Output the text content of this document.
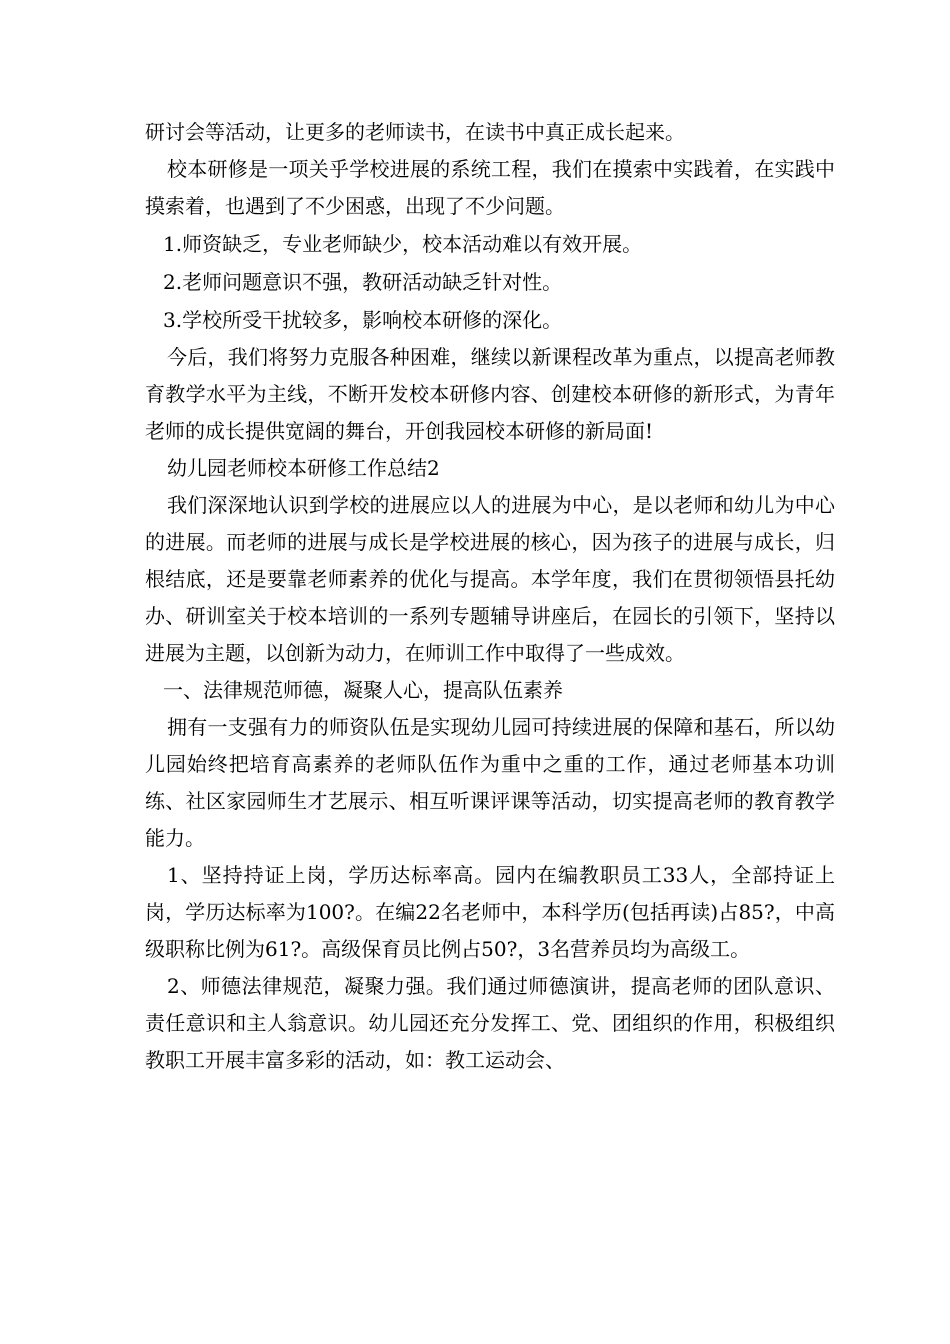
研讨会等活动，让更多的老师读书，在读书中真正成长起来。

校本研修是一项关乎学校进展的系统工程，我们在摸索中实践着，在实践中摸索着，也遇到了不少困惑，出现了不少问题。

1.师资缺乏，专业老师缺少，校本活动难以有效开展。

2.老师问题意识不强，教研活动缺乏针对性。

3.学校所受干扰较多，影响校本研修的深化。

今后，我们将努力克服各种困难，继续以新课程改革为重点，以提高老师教育教学水平为主线，不断开发校本研修内容、创建校本研修的新形式，为青年老师的成长提供宽阔的舞台，开创我园校本研修的新局面!

幼儿园老师校本研修工作总结2

我们深深地认识到学校的进展应以人的进展为中心，是以老师和幼儿为中心的进展。而老师的进展与成长是学校进展的核心，因为孩子的进展与成长，归根结底，还是要靠老师素养的优化与提高。本学年度，我们在贯彻领悟县托幼办、研训室关于校本培训的一系列专题辅导讲座后，在园长的引领下，坚持以进展为主题，以创新为动力，在师训工作中取得了一些成效。

一、法律规范师德，凝聚人心，提高队伍素养

拥有一支强有力的师资队伍是实现幼儿园可持续进展的保障和基石，所以幼儿园始终把培育高素养的老师队伍作为重中之重的工作，通过老师基本功训练、社区家园师生才艺展示、相互听课评课等活动，切实提高老师的教育教学能力。

1、坚持持证上岗，学历达标率高。园内在编教职员工33人，全部持证上岗，学历达标率为100?。在编22名老师中，本科学历(包括再读)占85?，中高级职称比例为61?。高级保育员比例占50?，3名营养员均为高级工。

2、师德法律规范，凝聚力强。我们通过师德演讲，提高老师的团队意识、责任意识和主人翁意识。幼儿园还充分发挥工、党、团组织的作用，积极组织教职工开展丰富多彩的活动，如：教工运动会、
